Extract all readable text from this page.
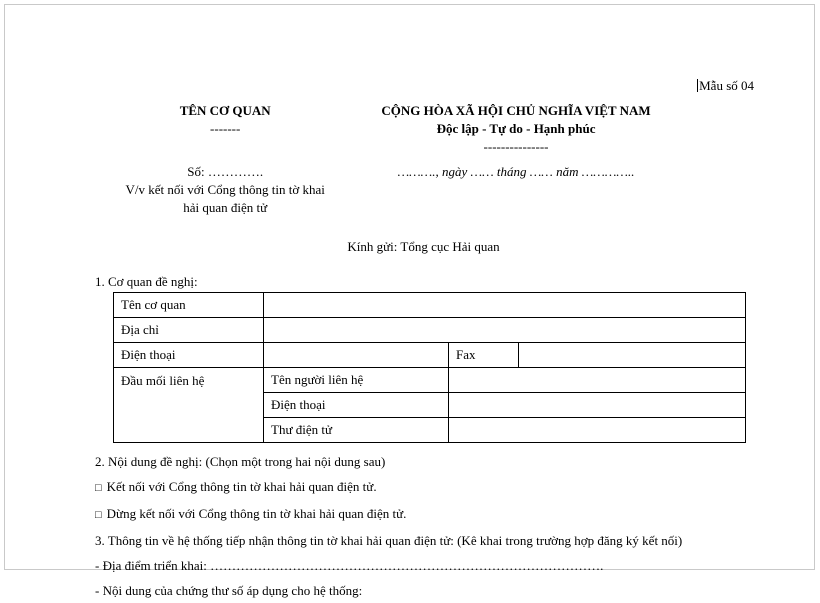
Mẫu số 04
TÊN CƠ QUAN
-------
CỘNG HÒA XÃ HỘI CHỦ NGHĨA VIỆT NAM
Độc lập - Tự do - Hạnh phúc
---------------
Số: ………….
V/v kết nối với Cổng thông tin tờ khai hải quan điện tử
………., ngày …… tháng …… năm …………..
Kính gửi: Tổng cục Hải quan
1. Cơ quan đề nghị:
Tên cơ quan			
Địa chỉ			
Điện thoại		Fax	
Đầu mối liên hệ	Tên người liên hệ		
	Điện thoại		
	Thư điện tử		
2. Nội dung đề nghị: (Chọn một trong hai nội dung sau)
□ Kết nối với Cổng thông tin tờ khai hải quan điện tử.
□ Dừng kết nối với Cổng thông tin tờ khai hải quan điện tử.
3. Thông tin về hệ thống tiếp nhận thông tin tờ khai hải quan điện tử: (Kê khai trong trường hợp đăng ký kết nối)
- Địa điểm triển khai: ……………………………………………………………………………….
- Nội dung của chứng thư số áp dụng cho hệ thống:
